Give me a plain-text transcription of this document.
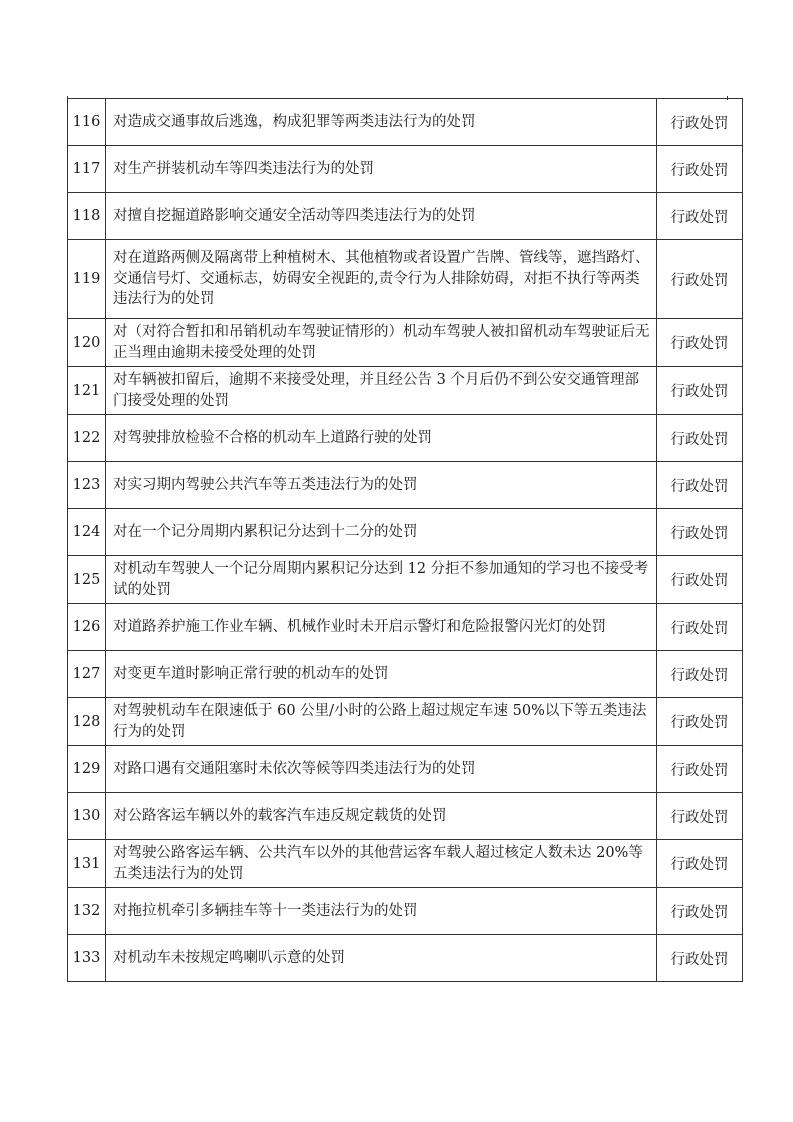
116	对造成交通事故后逃逸，构成犯罪等两类违法行为的处罚	行政处罚
117	对生产拼装机动车等四类违法行为的处罚	行政处罚
118	对擅自挖掘道路影响交通安全活动等四类违法行为的处罚	行政处罚
119	对在道路两侧及隔离带上种植树木、其他植物或者设置广告牌、管线等，遮挡路灯、交通信号灯、交通标志，妨碍安全视距的,责令行为人排除妨碍，对拒不执行等两类违法行为的处罚	行政处罚
120	对（对符合暂扣和吊销机动车驾驶证情形的）机动车驾驶人被扣留机动车驾驶证后无正当理由逾期未接受处理的处罚	行政处罚
121	对车辆被扣留后，逾期不来接受处理，并且经公告 3 个月后仍不到公安交通管理部门接受处理的处罚	行政处罚
122	对驾驶排放检验不合格的机动车上道路行驶的处罚	行政处罚
123	对实习期内驾驶公共汽车等五类违法行为的处罚	行政处罚
124	对在一个记分周期内累积记分达到十二分的处罚	行政处罚
125	对机动车驾驶人一个记分周期内累积记分达到 12 分拒不参加通知的学习也不接受考试的处罚	行政处罚
126	对道路养护施工作业车辆、机械作业时未开启示警灯和危险报警闪光灯的处罚	行政处罚
127	对变更车道时影响正常行驶的机动车的处罚	行政处罚
128	对驾驶机动车在限速低于 60 公里/小时的公路上超过规定车速 50%以下等五类违法行为的处罚	行政处罚
129	对路口遇有交通阻塞时未依次等候等四类违法行为的处罚	行政处罚
130	对公路客运车辆以外的载客汽车违反规定载货的处罚	行政处罚
131	对驾驶公路客运车辆、公共汽车以外的其他营运客车载人超过核定人数未达 20%等五类违法行为的处罚	行政处罚
132	对拖拉机牵引多辆挂车等十一类违法行为的处罚	行政处罚
133	对机动车未按规定鸣喇叭示意的处罚	行政处罚
